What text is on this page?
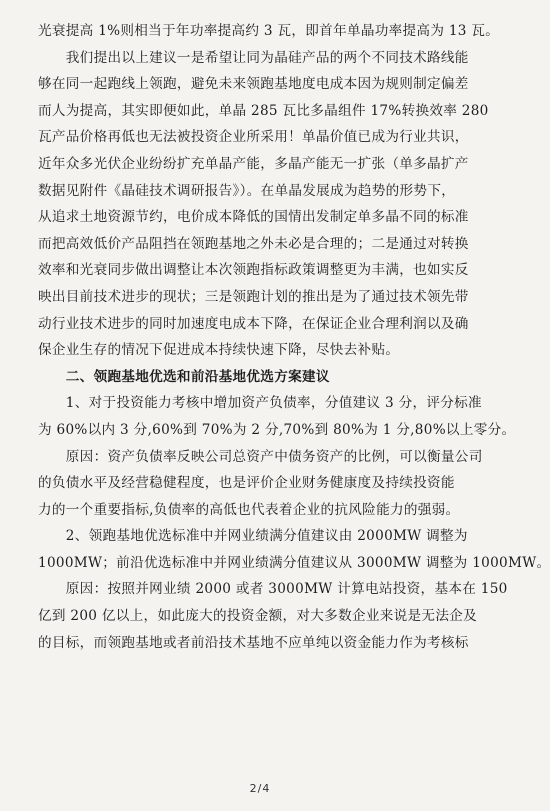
光衰提高 1%则相当于年功率提高约 3 瓦，即首年单晶功率提高为 13 瓦。
　　我们提出以上建议一是希望让同为晶硅产品的两个不同技术路线能
够在同一起跑线上领跑，避免未来领跑基地度电成本因为规则制定偏差
而人为提高，其实即便如此，单晶 285 瓦比多晶组件 17%转换效率 280
瓦产品价格再低也无法被投资企业所采用！单晶价值已成为行业共识，
近年众多光伏企业纷纷扩充单晶产能，多晶产能无一扩张（单多晶扩产
数据见附件《晶硅技术调研报告》）。在单晶发展成为趋势的形势下，
从追求土地资源节约，电价成本降低的国情出发制定单多晶不同的标准
而把高效低价产品阻挡在领跑基地之外未必是合理的；二是通过对转换
效率和光衰同步做出调整让本次领跑指标政策调整更为丰满，也如实反
映出目前技术进步的现状；三是领跑计划的推出是为了通过技术领先带
动行业技术进步的同时加速度电成本下降，在保证企业合理利润以及确
保企业生存的情况下促进成本持续快速下降，尽快去补贴。
　　二、领跑基地优选和前沿基地优选方案建议
　　1、对于投资能力考核中增加资产负债率，分值建议 3 分，评分标准
为 60%以内 3 分,60%到 70%为 2 分,70%到 80%为 1 分,80%以上零分。
　　原因：资产负债率反映公司总资产中债务资产的比例，可以衡量公司
的负债水平及经营稳健程度，也是评价企业财务健康度及持续投资能
力的一个重要指标,负债率的高低也代表着企业的抗风险能力的强弱。
　　2、领跑基地优选标准中并网业绩满分值建议由 2000MW 调整为
1000MW；前沿优选标准中并网业绩满分值建议从 3000MW 调整为 1000MW。
　　原因：按照并网业绩 2000 或者 3000MW 计算电站投资，基本在 150
亿到 200 亿以上，如此庞大的投资金额，对大多数企业来说是无法企及
的目标，而领跑基地或者前沿技术基地不应单纯以资金能力作为考核标
2/4
